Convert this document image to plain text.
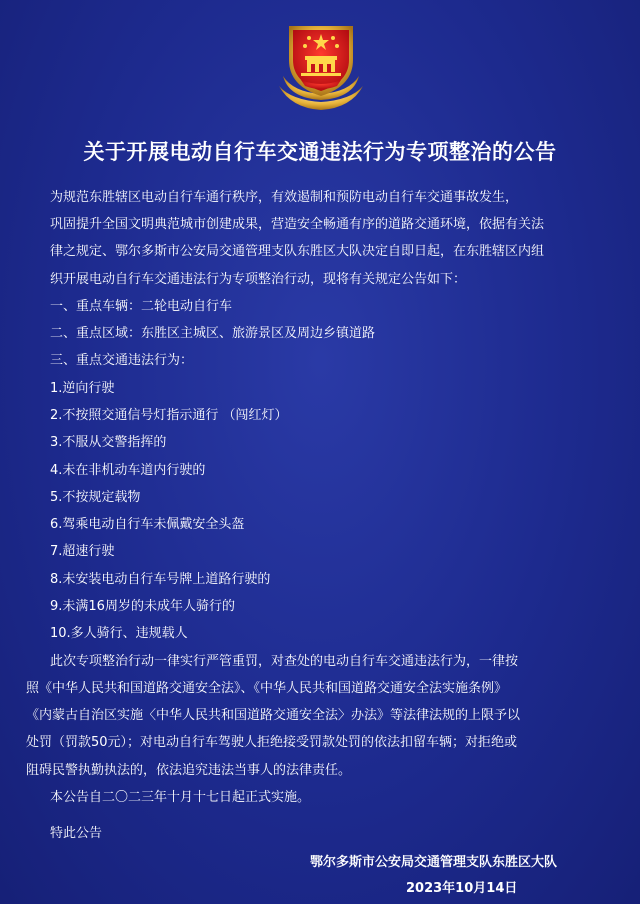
关于开展电动自行车交通违法行为专项整治的公告
为规范东胜辖区电动自行车通行秩序，有效遏制和预防电动自行车交通事故发生，
巩固提升全国文明典范城市创建成果，营造安全畅通有序的道路交通环境，依据有关法
律之规定、鄂尔多斯市公安局交通管理支队东胜区大队决定自即日起，在东胜辖区内组
织开展电动自行车交通违法行为专项整治行动，现将有关规定公告如下：
一、重点车辆：二轮电动自行车
二、重点区域：东胜区主城区、旅游景区及周边乡镇道路
三、重点交通违法行为：
1.逆向行驶
2.不按照交通信号灯指示通行 （闯红灯）
3.不服从交警指挥的
4.未在非机动车道内行驶的
5.不按规定载物
6.驾乘电动自行车未佩戴安全头盔
7.超速行驶
8.未安装电动自行车号牌上道路行驶的
9.未满16周岁的未成年人骑行的
10.多人骑行、违规载人
此次专项整治行动一律实行严管重罚，对查处的电动自行车交通违法行为，一律按
照《中华人民共和国道路交通安全法》、《中华人民共和国道路交通安全法实施条例》
《内蒙古自治区实施〈中华人民共和国道路交通安全法〉办法》等法律法规的上限予以
处罚（罚款50元）；对电动自行车驾驶人拒绝接受罚款处罚的依法扣留车辆；对拒绝或
阻碍民警执勤执法的，依法追究违法当事人的法律责任。
本公告自二〇二三年十月十七日起正式实施。
特此公告
鄂尔多斯市公安局交通管理支队东胜区大队
2023年10月14日
